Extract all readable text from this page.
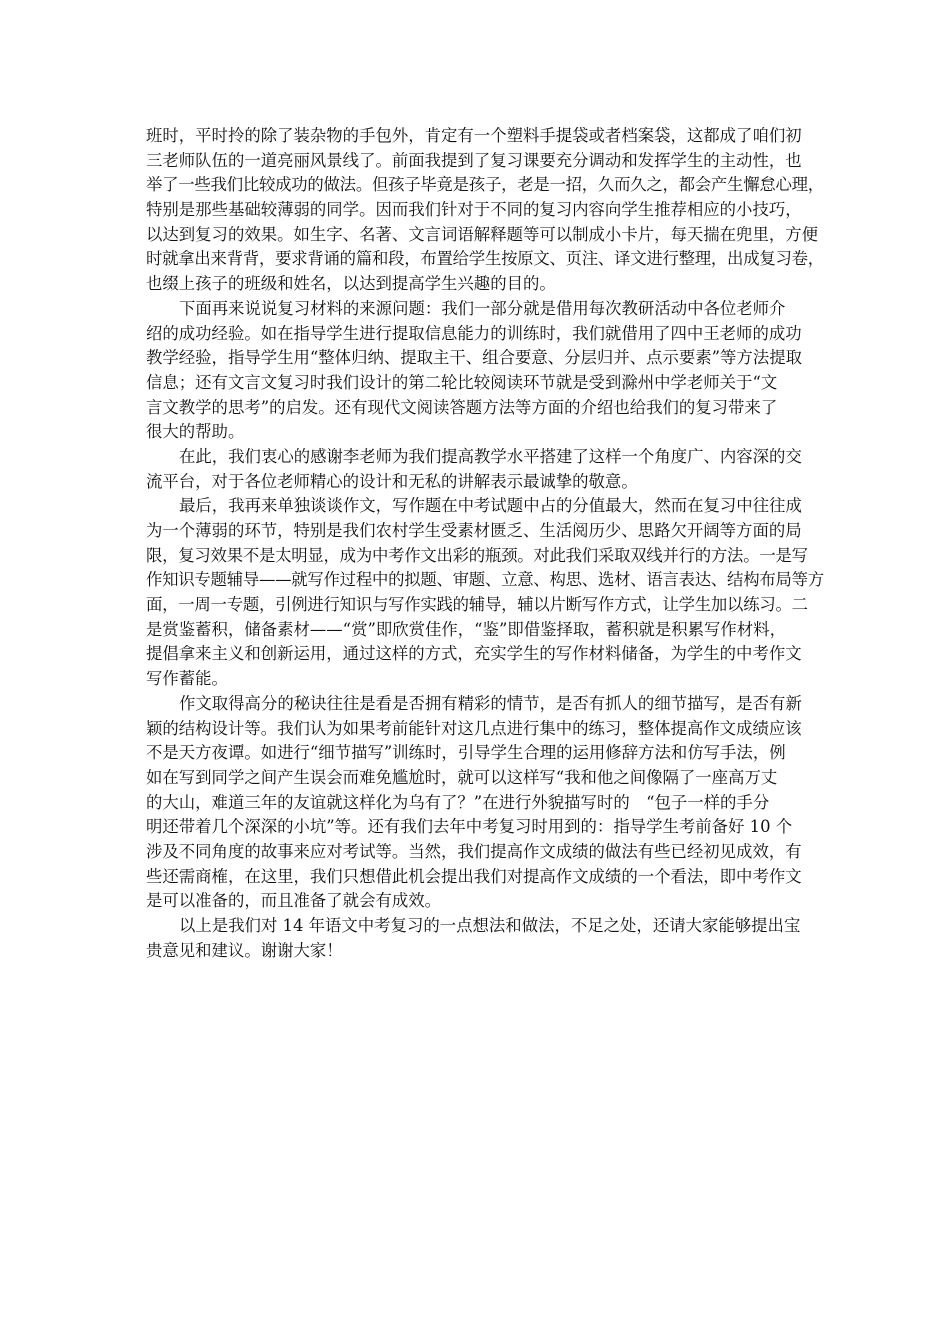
班时，平时拎的除了装杂物的手包外，肯定有一个塑料手提袋或者档案袋，这都成了咱们初
三老师队伍的一道亮丽风景线了。前面我提到了复习课要充分调动和发挥学生的主动性，也
举了一些我们比较成功的做法。但孩子毕竟是孩子，老是一招，久而久之，都会产生懈怠心理，
特别是那些基础较薄弱的同学。因而我们针对于不同的复习内容向学生推荐相应的小技巧，
以达到复习的效果。如生字、名著、文言词语解释题等可以制成小卡片，每天揣在兜里，方便
时就拿出来背背，要求背诵的篇和段，布置给学生按原文、页注、译文进行整理，出成复习卷，
也缀上孩子的班级和姓名，以达到提高学生兴趣的目的。
下面再来说说复习材料的来源问题：我们一部分就是借用每次教研活动中各位老师介
绍的成功经验。如在指导学生进行提取信息能力的训练时，我们就借用了四中王老师的成功
教学经验，指导学生用“整体归纳、提取主干、组合要意、分层归并、点示要素”等方法提取
信息；还有文言文复习时我们设计的第二轮比较阅读环节就是受到滁州中学老师关于“文
言文教学的思考”的启发。还有现代文阅读答题方法等方面的介绍也给我们的复习带来了
很大的帮助。
在此，我们衷心的感谢李老师为我们提高教学水平搭建了这样一个角度广、内容深的交
流平台，对于各位老师精心的设计和无私的讲解表示最诚挚的敬意。
最后，我再来单独谈谈作文，写作题在中考试题中占的分值最大，然而在复习中往往成
为一个薄弱的环节，特别是我们农村学生受素材匮乏、生活阅历少、思路欠开阔等方面的局
限，复习效果不是太明显，成为中考作文出彩的瓶颈。对此我们采取双线并行的方法。一是写
作知识专题辅导——就写作过程中的拟题、审题、立意、构思、选材、语言表达、结构布局等方
面，一周一专题，引例进行知识与写作实践的辅导，辅以片断写作方式，让学生加以练习。二
是赏鉴蓄积，储备素材——“赏”即欣赏佳作，“鉴”即借鉴择取，蓄积就是积累写作材料，
提倡拿来主义和创新运用，通过这样的方式，充实学生的写作材料储备，为学生的中考作文
写作蓄能。
作文取得高分的秘诀往往是看是否拥有精彩的情节，是否有抓人的细节描写，是否有新
颖的结构设计等。我们认为如果考前能针对这几点进行集中的练习，整体提高作文成绩应该
不是天方夜谭。如进行“细节描写”训练时，引导学生合理的运用修辞方法和仿写手法，例
如在写到同学之间产生误会而难免尴尬时，就可以这样写“我和他之间像隔了一座高万丈
的大山，难道三年的友谊就这样化为乌有了？”在进行外貌描写时的　“包子一样的手分
明还带着几个深深的小坑”等。还有我们去年中考复习时用到的：指导学生考前备好 10 个
涉及不同角度的故事来应对考试等。当然，我们提高作文成绩的做法有些已经初见成效，有
些还需商榷，在这里，我们只想借此机会提出我们对提高作文成绩的一个看法，即中考作文
是可以准备的，而且准备了就会有成效。
以上是我们对 14 年语文中考复习的一点想法和做法，不足之处，还请大家能够提出宝
贵意见和建议。谢谢大家！
